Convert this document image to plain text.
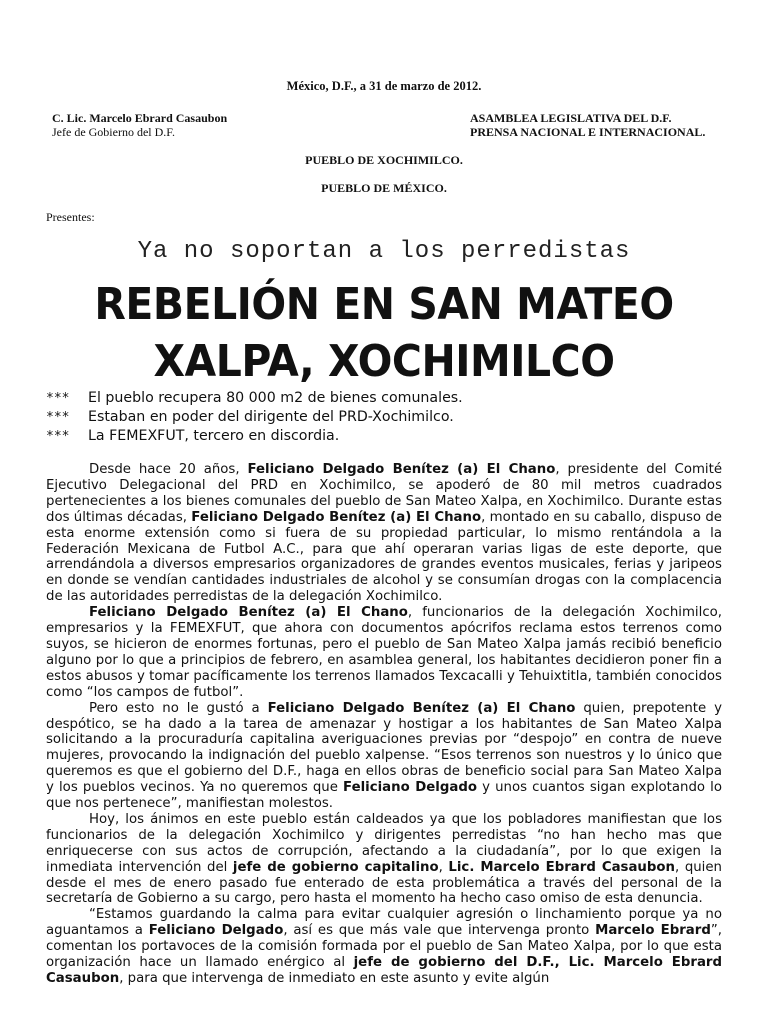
México, D.F., a 31 de marzo de 2012.
C. Lic. Marcelo Ebrard Casaubon
Jefe de Gobierno del D.F.
ASAMBLEA LEGISLATIVA DEL D.F.
PRENSA NACIONAL E INTERNACIONAL.
PUEBLO DE XOCHIMILCO.
PUEBLO DE MÉXICO.
Presentes:
Ya no soportan a los perredistas
REBELIÓN EN SAN MATEO
XALPA, XOCHIMILCO
*** El pueblo recupera 80 000 m2 de bienes comunales.
*** Estaban en poder del dirigente del PRD-Xochimilco.
*** La FEMEXFUT, tercero en discordia.

Desde hace 20 años, Feliciano Delgado Benítez (a) El Chano, presidente del Comité Ejecutivo Delegacional del PRD en Xochimilco, se apoderó de 80 mil metros cuadrados pertenecientes a los bienes comunales del pueblo de San Mateo Xalpa, en Xochimilco. Durante estas dos últimas décadas, Feliciano Delgado Benítez (a) El Chano, montado en su caballo, dispuso de esta enorme extensión como si fuera de su propiedad particular, lo mismo rentándola a la Federación Mexicana de Futbol A.C., para que ahí operaran varias ligas de este deporte, que arrendándola a diversos empresarios organizadores de grandes eventos musicales, ferias y jaripeos en donde se vendían cantidades industriales de alcohol y se consumían drogas con la complacencia de las autoridades perredistas de la delegación Xochimilco.

Feliciano Delgado Benítez (a) El Chano, funcionarios de la delegación Xochimilco, empresarios y la FEMEXFUT, que ahora con documentos apócrifos reclama estos terrenos como suyos, se hicieron de enormes fortunas, pero el pueblo de San Mateo Xalpa jamás recibió beneficio alguno por lo que a principios de febrero, en asamblea general, los habitantes decidieron poner fin a estos abusos y tomar pacíficamente los terrenos llamados Texcacalli y Tehuixtitla, también conocidos como “los campos de futbol”.

Pero esto no le gustó a Feliciano Delgado Benítez (a) El Chano quien, prepotente y despótico, se ha dado a la tarea de amenazar y hostigar a los habitantes de San Mateo Xalpa solicitando a la procuraduría capitalina averiguaciones previas por “despojo” en contra de nueve mujeres, provocando la indignación del pueblo xalpense. “Esos terrenos son nuestros y lo único que queremos es que el gobierno del D.F., haga en ellos obras de beneficio social para San Mateo Xalpa y los pueblos vecinos. Ya no queremos que Feliciano Delgado y unos cuantos sigan explotando lo que nos pertenece”, manifiestan molestos.

Hoy, los ánimos en este pueblo están caldeados ya que los pobladores manifiestan que los funcionarios de la delegación Xochimilco y dirigentes perredistas “no han hecho mas que enriquecerse con sus actos de corrupción, afectando a la ciudadanía”, por lo que exigen la inmediata intervención del jefe de gobierno capitalino, Lic. Marcelo Ebrard Casaubon, quien desde el mes de enero pasado fue enterado de esta problemática a través del personal de la secretaría de Gobierno a su cargo, pero hasta el momento ha hecho caso omiso de esta denuncia.

“Estamos guardando la calma para evitar cualquier agresión o linchamiento porque ya no aguantamos a Feliciano Delgado, así es que más vale que intervenga pronto Marcelo Ebrard”, comentan los portavoces de la comisión formada por el pueblo de San Mateo Xalpa, por lo que esta organización hace un llamado enérgico al jefe de gobierno del D.F., Lic. Marcelo Ebrard Casaubon, para que intervenga de inmediato en este asunto y evite algún
